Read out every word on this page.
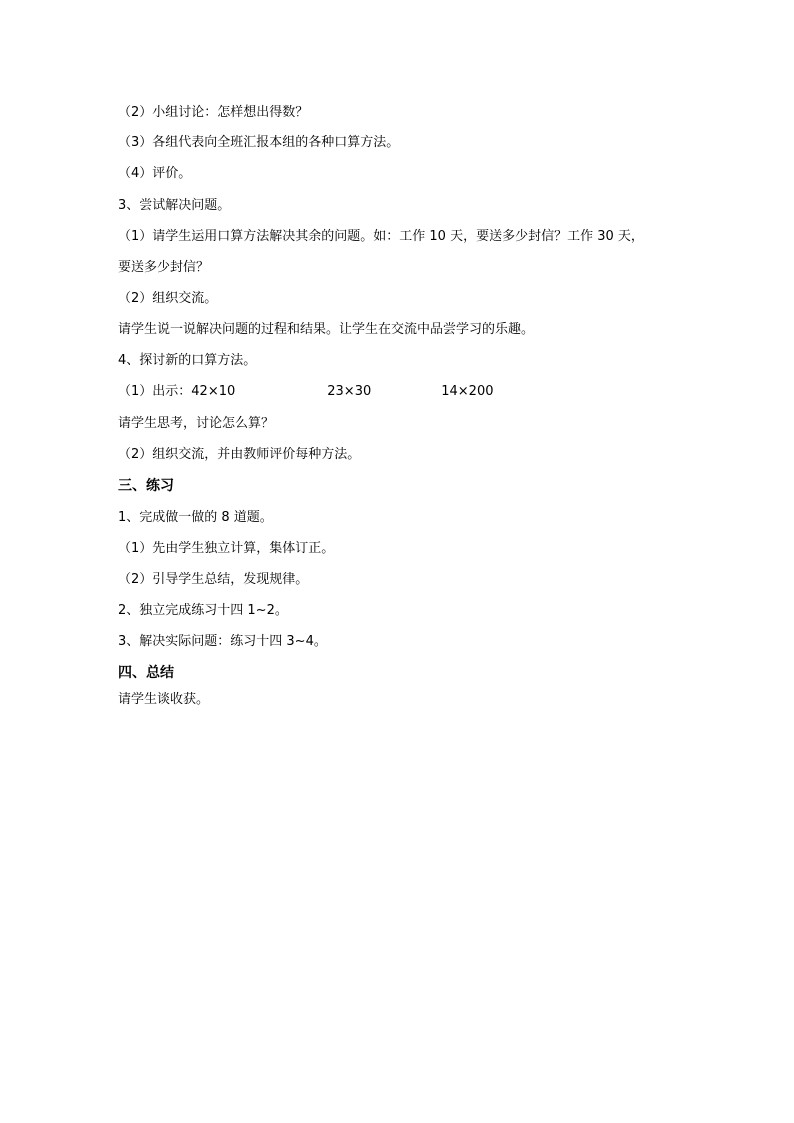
（2）小组讨论：怎样想出得数？
（3）各组代表向全班汇报本组的各种口算方法。
（4）评价。
3、尝试解决问题。
（1）请学生运用口算方法解决其余的问题。如：工作 10 天，要送多少封信？工作 30 天，
要送多少封信？
（2）组织交流。
请学生说一说解决问题的过程和结果。让学生在交流中品尝学习的乐趣。
4、探讨新的口算方法。
（1）出示：42×10	23×30	14×200
请学生思考，讨论怎么算？
（2）组织交流，并由教师评价每种方法。
三、练习
1、完成做一做的 8 道题。
（1）先由学生独立计算，集体订正。
（2）引导学生总结，发现规律。
2、独立完成练习十四 1~2。
3、解决实际问题：练习十四 3~4。
四、总结
请学生谈收获。
